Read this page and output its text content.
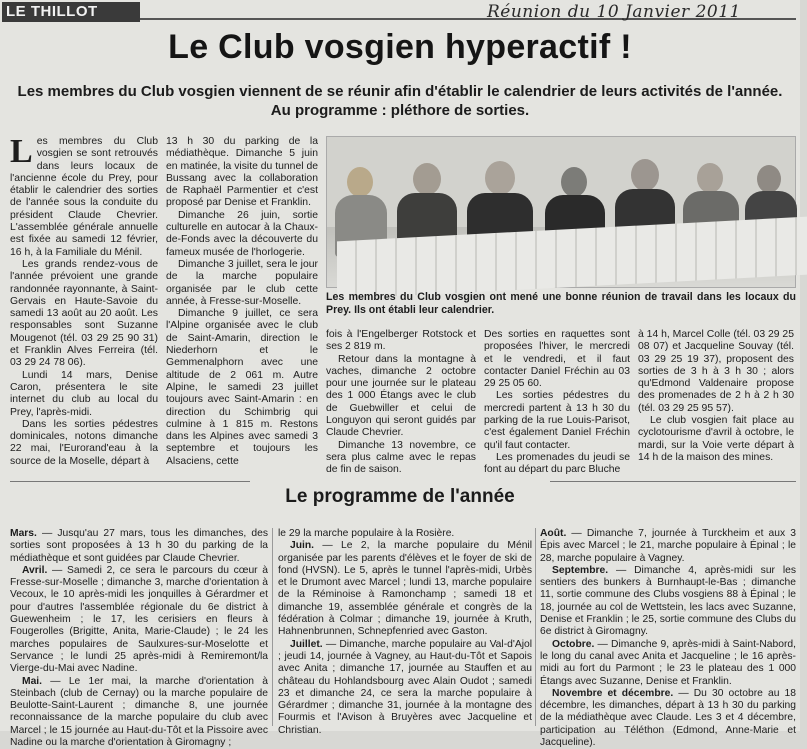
LE THILLOT	Réunion du 10 Janvier 2011
Le Club vosgien hyperactif !
Les membres du Club vosgien viennent de se réunir afin d'établir le calendrier de leurs activités de l'année.
Au programme : pléthore de sorties.

Les membres du Club vosgien se sont retrouvés dans leurs locaux de l'ancienne école du Prey, pour établir le calendrier des sorties de l'année sous la conduite du président Claude Chevrier. L'assemblée générale annuelle est fixée au samedi 12 février, 16 h, à la Familiale du Ménil.

Les grands rendez-vous de l'année prévoient une grande randonnée rayonnante, à Saint-Gervais en Haute-Savoie du samedi 13 août au 20 août. Les responsables sont Suzanne Mougenot (tél. 03 29 25 90 31) et Franklin Alves Ferreira (tél. 03 29 24 78 06).

Lundi 14 mars, Denise Caron, présentera le site internet du club au local du Prey, l'après-midi.

Dans les sorties pédestres dominicales, notons dimanche 22 mai, l'Eurorand'eau à la source de la Moselle, départ à

13 h 30 du parking de la médiathèque. Dimanche 5 juin en matinée, la visite du tunnel de Bussang avec la collaboration de Raphaël Parmentier et c'est proposé par Denise et Franklin.

Dimanche 26 juin, sortie culturelle en autocar à la Chaux-de-Fonds avec la découverte du fameux musée de l'horlogerie.

Dimanche 3 juillet, sera le jour de la marche populaire organisée par le club cette année, à Fresse-sur-Moselle.

Dimanche 9 juillet, ce sera l'Alpine organisée avec le club de Saint-Amarin, direction le Niederhorn et le Gemmenalphorn avec une altitude de 2 061 m. Autre Alpine, le samedi 23 juillet toujours avec Saint-Amarin : en direction du Schimbrig qui culmine à 1 815 m. Restons dans les Alpines avec samedi 3 septembre et toujours les Alsaciens, cette

Les membres du Club vosgien ont mené une bonne réunion de travail dans les locaux du Prey. Ils ont établi leur calendrier.

fois à l'Engelberger Rotstock et ses 2 819 m.

Retour dans la montagne à vaches, dimanche 2 octobre pour une journée sur le plateau des 1 000 Étangs avec le club de Guebwiller et celui de Longuyon qui seront guidés par Claude Chevrier.

Dimanche 13 novembre, ce sera plus calme avec le repas de fin de saison.

Des sorties en raquettes sont proposées l'hiver, le mercredi et le vendredi, et il faut contacter Daniel Fréchin au 03 29 25 05 60.

Les sorties pédestres du mercredi partent à 13 h 30 du parking de la rue Louis-Parisot, c'est également Daniel Fréchin qu'il faut contacter.

Les promenades du jeudi se font au départ du parc Bluche

à 14 h, Marcel Colle (tél. 03 29 25 08 07) et Jacqueline Souvay (tél. 03 29 25 19 37), proposent des sorties de 3 h à 3 h 30 ; alors qu'Edmond Valdenaire propose des promenades de 2 h à 2 h 30 (tél. 03 29 25 95 57).

Le club vosgien fait place au cyclotourisme d'avril à octobre, le mardi, sur la Voie verte départ à 14 h de la maison des mines.

Le programme de l'année

Mars. — Jusqu'au 27 mars, tous les dimanches, des sorties sont proposées à 13 h 30 du parking de la médiathèque et sont guidées par Claude Chevrier.

Avril. — Samedi 2, ce sera le parcours du cœur à Fresse-sur-Moselle ; dimanche 3, marche d'orientation à Vecoux, le 10 après-midi les jonquilles à Gérardmer et pour d'autres l'assemblée régionale du 6e district à Guewenheim ; le 17, les cerisiers en fleurs à Fougerolles (Brigitte, Anita, Marie-Claude) ; le 24 les marches populaires de Saulxures-sur-Moselotte et Servance ; le lundi 25 après-midi à Remiremont/la Vierge-du-Mai avec Nadine.

Mai. — Le 1er mai, la marche d'orientation à Steinbach (club de Cernay) ou la marche populaire de Beulotte-Saint-Laurent ; dimanche 8, une journée reconnaissance de la marche populaire du club avec Marcel ; le 15 journée au Haut-du-Tôt et la Pissoire avec Nadine ou la marche d'orientation à Giromagny ;

le 29 la marche populaire à la Rosière.

Juin. — Le 2, la marche populaire du Ménil organisée par les parents d'élèves et le foyer de ski de fond (HVSN). Le 5, après le tunnel l'après-midi, Urbès et le Drumont avec Marcel ; lundi 13, marche populaire de la Réminoise à Ramonchamp ; samedi 18 et dimanche 19, assemblée générale et congrès de la fédération à Colmar ; dimanche 19, journée à Kruth, Hahnenbrunnen, Schnepfenried avec Gaston.

Juillet. — Dimanche, marche populaire au Val-d'Ajol ; jeudi 14, journée à Vagney, au Haut-du-Tôt et Sapois avec Anita ; dimanche 17, journée au Stauffen et au château du Hohlandsbourg avec Alain Oudot ; samedi 23 et dimanche 24, ce sera la marche populaire à Gérardmer ; dimanche 31, journée à la montagne des Fourmis et l'Avison à Bruyères avec Jacqueline et Christian.

Août. — Dimanche 7, journée à Turckheim et aux 3 Épis avec Marcel ; le 21, marche populaire à Épinal ; le 28, marche populaire à Vagney.

Septembre. — Dimanche 4, après-midi sur les sentiers des bunkers à Burnhaupt-le-Bas ; dimanche 11, sortie commune des Clubs vosgiens 88 à Épinal ; le 18, journée au col de Wettstein, les lacs avec Suzanne, Denise et Franklin ; le 25, sortie commune des Clubs du 6e district à Giromagny.

Octobre. — Dimanche 9, après-midi à Saint-Nabord, le long du canal avec Anita et Jacqueline ; le 16 après-midi au fort du Parmont ; le 23 le plateau des 1 000 Étangs avec Suzanne, Denise et Franklin.

Novembre et décembre. — Du 30 octobre au 18 décembre, les dimanches, départ à 13 h 30 du parking de la médiathèque avec Claude. Les 3 et 4 décembre, participation au Téléthon (Edmond, Anne-Marie et Jacqueline).
